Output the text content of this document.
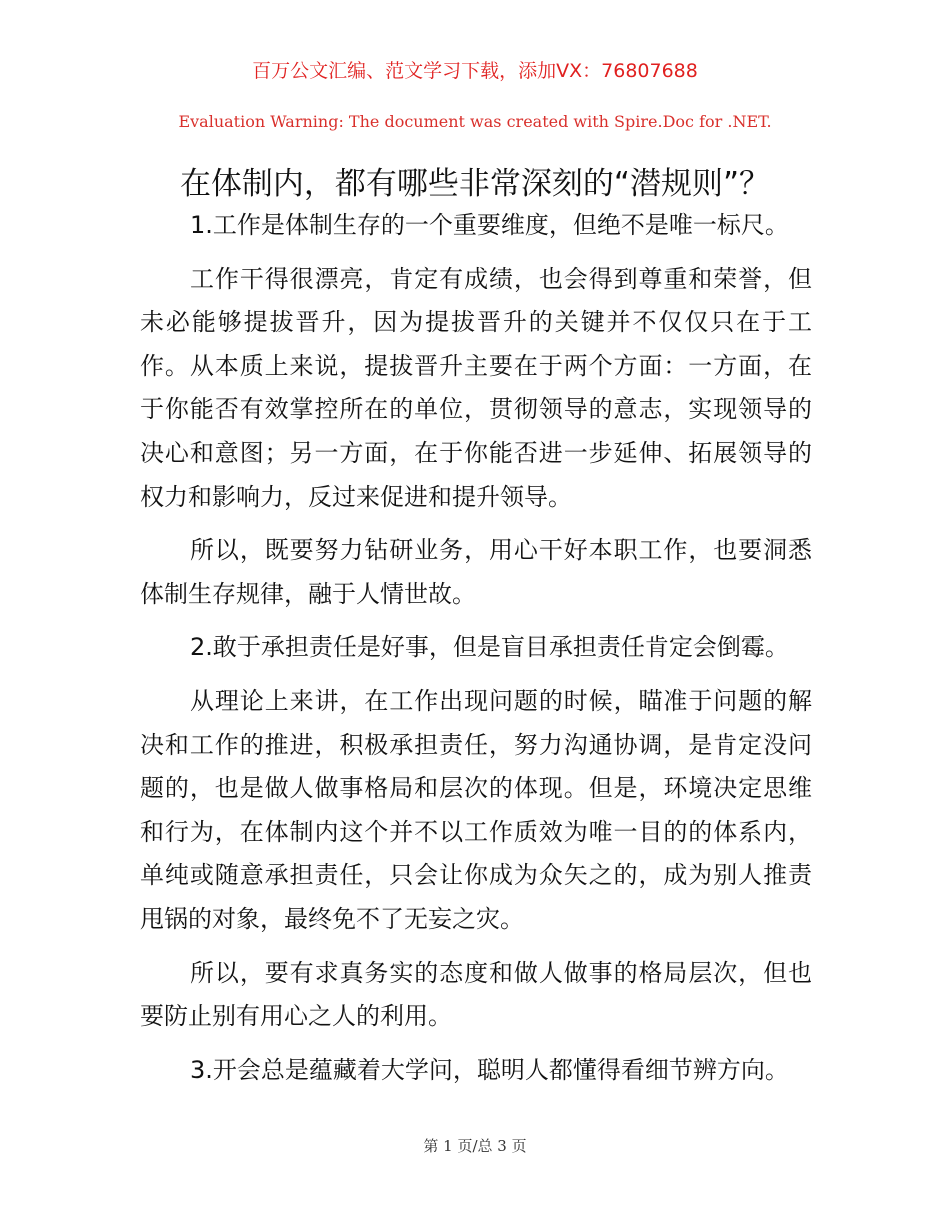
百万公文汇编、范文学习下载，添加VX：76807688
Evaluation Warning: The document was created with Spire.Doc for .NET.
在体制内，都有哪些非常深刻的“潜规则”？
1.工作是体制生存的一个重要维度，但绝不是唯一标尺。
工作干得很漂亮，肯定有成绩，也会得到尊重和荣誉，但
未必能够提拔晋升，因为提拔晋升的关键并不仅仅只在于工
作。从本质上来说，提拔晋升主要在于两个方面：一方面，在
于你能否有效掌控所在的单位，贯彻领导的意志，实现领导的
决心和意图；另一方面，在于你能否进一步延伸、拓展领导的
权力和影响力，反过来促进和提升领导。
所以，既要努力钻研业务，用心干好本职工作，也要洞悉
体制生存规律，融于人情世故。
2.敢于承担责任是好事，但是盲目承担责任肯定会倒霉。
从理论上来讲，在工作出现问题的时候，瞄准于问题的解
决和工作的推进，积极承担责任，努力沟通协调，是肯定没问
题的，也是做人做事格局和层次的体现。但是，环境决定思维
和行为，在体制内这个并不以工作质效为唯一目的的体系内，
单纯或随意承担责任，只会让你成为众矢之的，成为别人推责
甩锅的对象，最终免不了无妄之灾。
所以，要有求真务实的态度和做人做事的格局层次，但也
要防止别有用心之人的利用。
3.开会总是蕴藏着大学问，聪明人都懂得看细节辨方向。
第 1 页/总 3 页
